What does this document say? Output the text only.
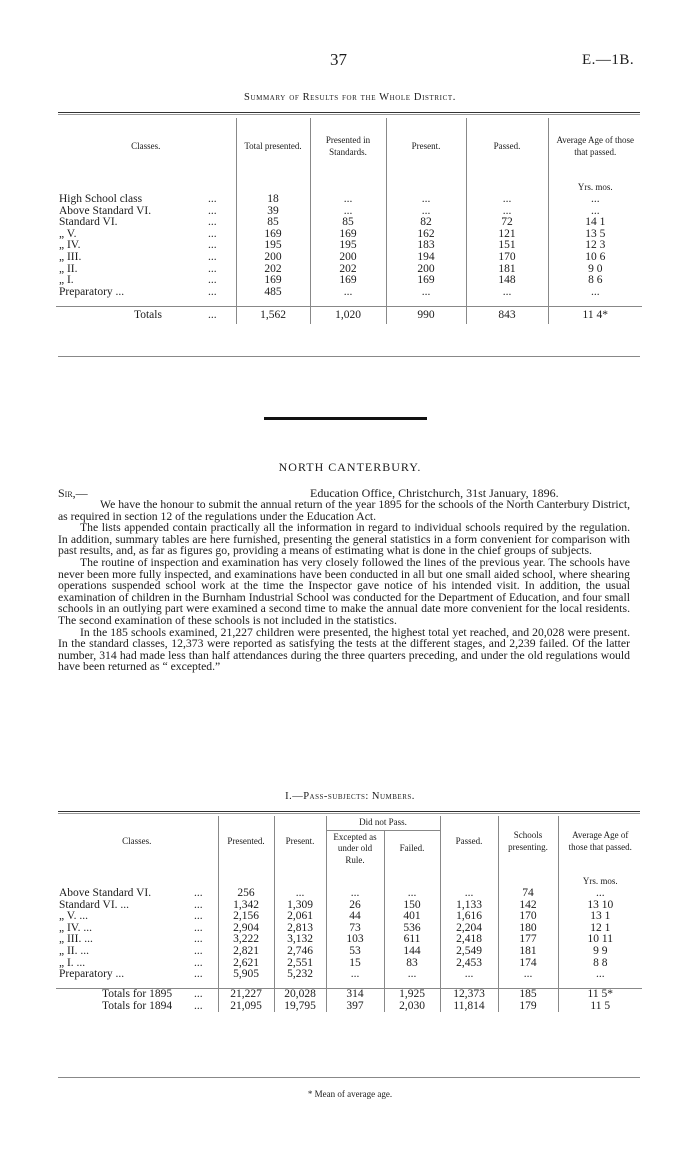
37	E.—1B.
Summary of Results for the Whole District.
Classes.		Total presented.	Presented in Standards.	Present.	Passed.	Average Age of those that passed.
						Yrs. mos.
High School class	...	18	...	...	...	...
Above Standard VI.	...	39	...	...	...	...
Standard VI.	...	85	85	82	72	14 1
„ V.	...	169	169	162	121	13 5
„ IV.	...	195	195	183	151	12 3
„ III.	...	200	200	194	170	10 6
„ II.	...	202	202	200	181	9 0
„ I.	...	169	169	169	148	8 6
Preparatory ...	...	485	...	...	...	...

Totals	...	1,562	1,020	990	843	11 4*
NORTH CANTERBURY.
Sir,—	Education Office, Christchurch, 31st January, 1896.

We have the honour to submit the annual return of the year 1895 for the schools of the North Canterbury District, as required in section 12 of the regulations under the Education Act.

The lists appended contain practically all the information in regard to individual schools required by the regulation. In addition, summary tables are here furnished, presenting the general statistics in a form convenient for comparison with past results, and, as far as figures go, providing a means of estimating what is done in the chief groups of subjects.

The routine of inspection and examination has very closely followed the lines of the previous year. The schools have never been more fully inspected, and examinations have been conducted in all but one small aided school, where shearing operations suspended school work at the time the Inspector gave notice of his intended visit. In addition, the usual examination of children in the Burnham Industrial School was conducted for the Department of Education, and four small schools in an outlying part were examined a second time to make the annual date more convenient for the local residents. The second examination of these schools is not included in the statistics.

In the 185 schools examined, 21,227 children were presented, the highest total yet reached, and 20,028 were present. In the standard classes, 12,373 were reported as satisfying the tests at the different stages, and 2,239 failed. Of the latter number, 314 had made less than half attendances during the three quarters preceding, and under the old regulations would have been returned as “ excepted.”

I.—Pass-subjects: Numbers.
Classes.		Presented.	Present.	Did not Pass.		Passed.	Schools presenting.	Average Age of those that passed.
				Excepted as under old Rule.	Failed.			
								Yrs. mos.
Above Standard VI.	...	256	...	...	...	...	74	...
Standard VI. ...	...	1,342	1,309	26	150	1,133	142	13 10
„ V. ...	...	2,156	2,061	44	401	1,616	170	13 1
„ IV. ...	...	2,904	2,813	73	536	2,204	180	12 1
„ III. ...	...	3,222	3,132	103	611	2,418	177	10 11
„ II. ...	...	2,821	2,746	53	144	2,549	181	9 9
„ I. ...	...	2,621	2,551	15	83	2,453	174	8 8
Preparatory ...	...	5,905	5,232	...	...	...	...	...

Totals for 1895	...	21,227	20,028	314	1,925	12,373	185	11 5*
Totals for 1894	...	21,095	19,795	397	2,030	11,814	179	11 5
* Mean of average age.
